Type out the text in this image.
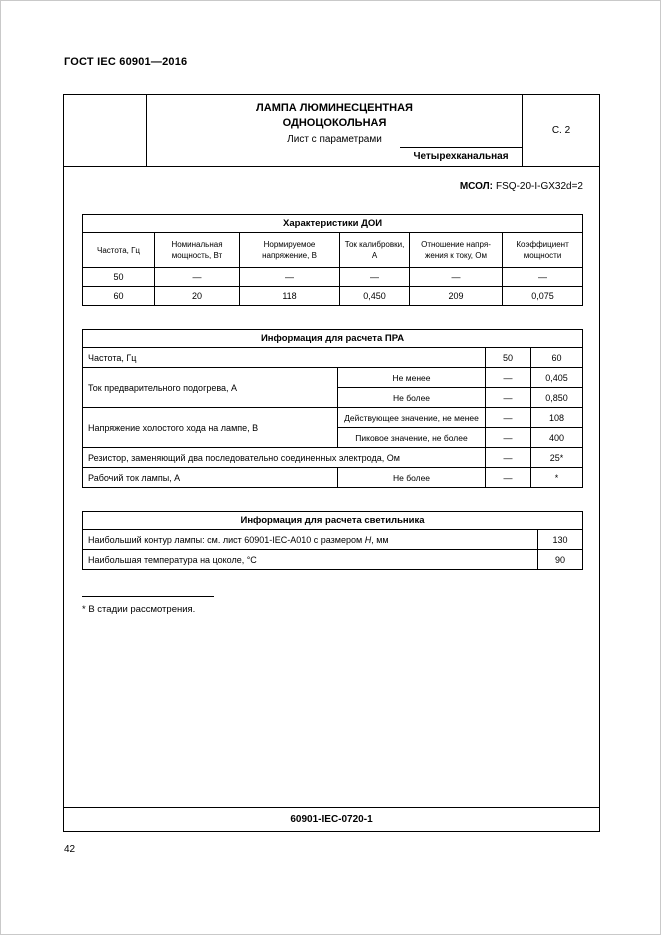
ГОСТ IEC 60901—2016
ЛАМПА ЛЮМИНЕСЦЕНТНАЯ
ОДНОЦОКОЛЬНАЯ
Лист с параметрами
Четырехканальная
С. 2
МСОЛ: FSQ-20-I-GX32d=2
Характеристики ДОИ					
Частота, Гц	Номинальная мощность, Вт	Нормируемое напряжение, В	Ток калибровки, А	Отношение напря-жения к току, Ом	Коэффициент мощности
50	—	—	—	—	—
60	20	118	0,450	209	0,075
Информация для расчета ПРА			
Частота, Гц		50	60
Ток предварительного подогрева, А	Не менее	—	0,405
	Не более	—	0,850
Напряжение холостого хода на лампе, В	Действующее значение, не менее	—	108
	Пиковое значение, не более	—	400
Резистор, заменяющий два последовательно соединенных электрода, Ом		—	25*
Рабочий ток лампы, А	Не более	—	*
Информация для расчета светильника	
Наибольший контур лампы: см. лист 60901-IEC-А010 с размером H, мм	130
Наибольшая температура на цоколе, °С	90
* В стадии рассмотрения.
60901-IEC-0720-1
42
